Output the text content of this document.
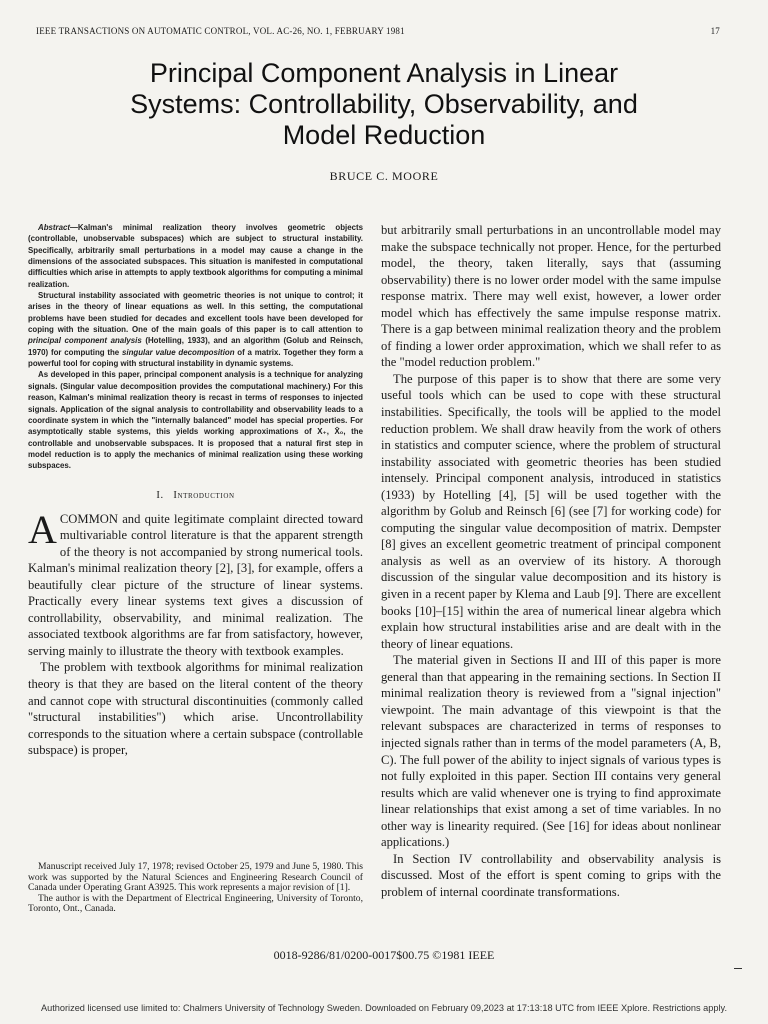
IEEE TRANSACTIONS ON AUTOMATIC CONTROL, VOL. AC-26, NO. 1, FEBRUARY 1981	17
Principal Component Analysis in Linear
Systems: Controllability, Observability, and
Model Reduction
BRUCE C. MOORE

Abstract—Kalman's minimal realization theory involves geometric objects (controllable, unobservable subspaces) which are subject to structural instability. Specifically, arbitrarily small perturbations in a model may cause a change in the dimensions of the associated subspaces. This situation is manifested in computational difficulties which arise in attempts to apply textbook algorithms for computing a minimal realization.

Structural instability associated with geometric theories is not unique to control; it arises in the theory of linear equations as well. In this setting, the computational problems have been studied for decades and excellent tools have been developed for coping with the situation. One of the main goals of this paper is to call attention to principal component analysis (Hotelling, 1933), and an algorithm (Golub and Reinsch, 1970) for computing the singular value decomposition of a matrix. Together they form a powerful tool for coping with structural instability in dynamic systems.

As developed in this paper, principal component analysis is a technique for analyzing signals. (Singular value decomposition provides the computational machinery.) For this reason, Kalman's minimal realization theory is recast in terms of responses to injected signals. Application of the signal analysis to controllability and observability leads to a coordinate system in which the "internally balanced" model has special properties. For asymptotically stable systems, this yields working approximations of X₊, X̄₀, the controllable and unobservable subspaces. It is proposed that a natural first step in model reduction is to apply the mechanics of minimal realization using these working subspaces.

I. Introduction

ACOMMON and quite legitimate complaint directed toward multivariable control literature is that the apparent strength of the theory is not accompanied by strong numerical tools. Kalman's minimal realization theory [2], [3], for example, offers a beautifully clear picture of the structure of linear systems. Practically every linear systems text gives a discussion of controllability, observability, and minimal realization. The associated textbook algorithms are far from satisfactory, however, serving mainly to illustrate the theory with textbook examples.

The problem with textbook algorithms for minimal realization theory is that they are based on the literal content of the theory and cannot cope with structural discontinuities (commonly called "structural instabilities") which arise. Uncontrollability corresponds to the situation where a certain subspace (controllable subspace) is proper,

Manuscript received July 17, 1978; revised October 25, 1979 and June 5, 1980. This work was supported by the Natural Sciences and Engineering Research Council of Canada under Operating Grant A3925. This work represents a major revision of [1].

The author is with the Department of Electrical Engineering, University of Toronto, Toronto, Ont., Canada.

but arbitrarily small perturbations in an uncontrollable model may make the subspace technically not proper. Hence, for the perturbed model, the theory, taken literally, says that (assuming observability) there is no lower order model with the same impulse response matrix. There may well exist, however, a lower order model which has effectively the same impulse response matrix. There is a gap between minimal realization theory and the problem of finding a lower order approximation, which we shall refer to as the "model reduction problem."

The purpose of this paper is to show that there are some very useful tools which can be used to cope with these structural instabilities. Specifically, the tools will be applied to the model reduction problem. We shall draw heavily from the work of others in statistics and computer science, where the problem of structural instability associated with geometric theories has been studied intensely. Principal component analysis, introduced in statistics (1933) by Hotelling [4], [5] will be used together with the algorithm by Golub and Reinsch [6] (see [7] for working code) for computing the singular value decomposition of matrix. Dempster [8] gives an excellent geometric treatment of principal component analysis as well as an overview of its history. A thorough discussion of the singular value decomposition and its history is given in a recent paper by Klema and Laub [9]. There are excellent books [10]–[15] within the area of numerical linear algebra which explain how structural instabilities arise and are dealt with in the theory of linear equations.

The material given in Sections II and III of this paper is more general than that appearing in the remaining sections. In Section II minimal realization theory is reviewed from a "signal injection" viewpoint. The main advantage of this viewpoint is that the relevant subspaces are characterized in terms of responses to injected signals rather than in terms of the model parameters (A, B, C). The full power of the ability to inject signals of various types is not fully exploited in this paper. Section III contains very general results which are valid whenever one is trying to find approximate linear relationships that exist among a set of time variables. In no other way is linearity required. (See [16] for ideas about nonlinear applications.)

In Section IV controllability and observability analysis is discussed. Most of the effort is spent coming to grips with the problem of internal coordinate transformations.

0018-9286/81/0200-0017$00.75 ©1981 IEEE
Authorized licensed use limited to: Chalmers University of Technology Sweden. Downloaded on February 09,2023 at 17:13:18 UTC from IEEE Xplore. Restrictions apply.
